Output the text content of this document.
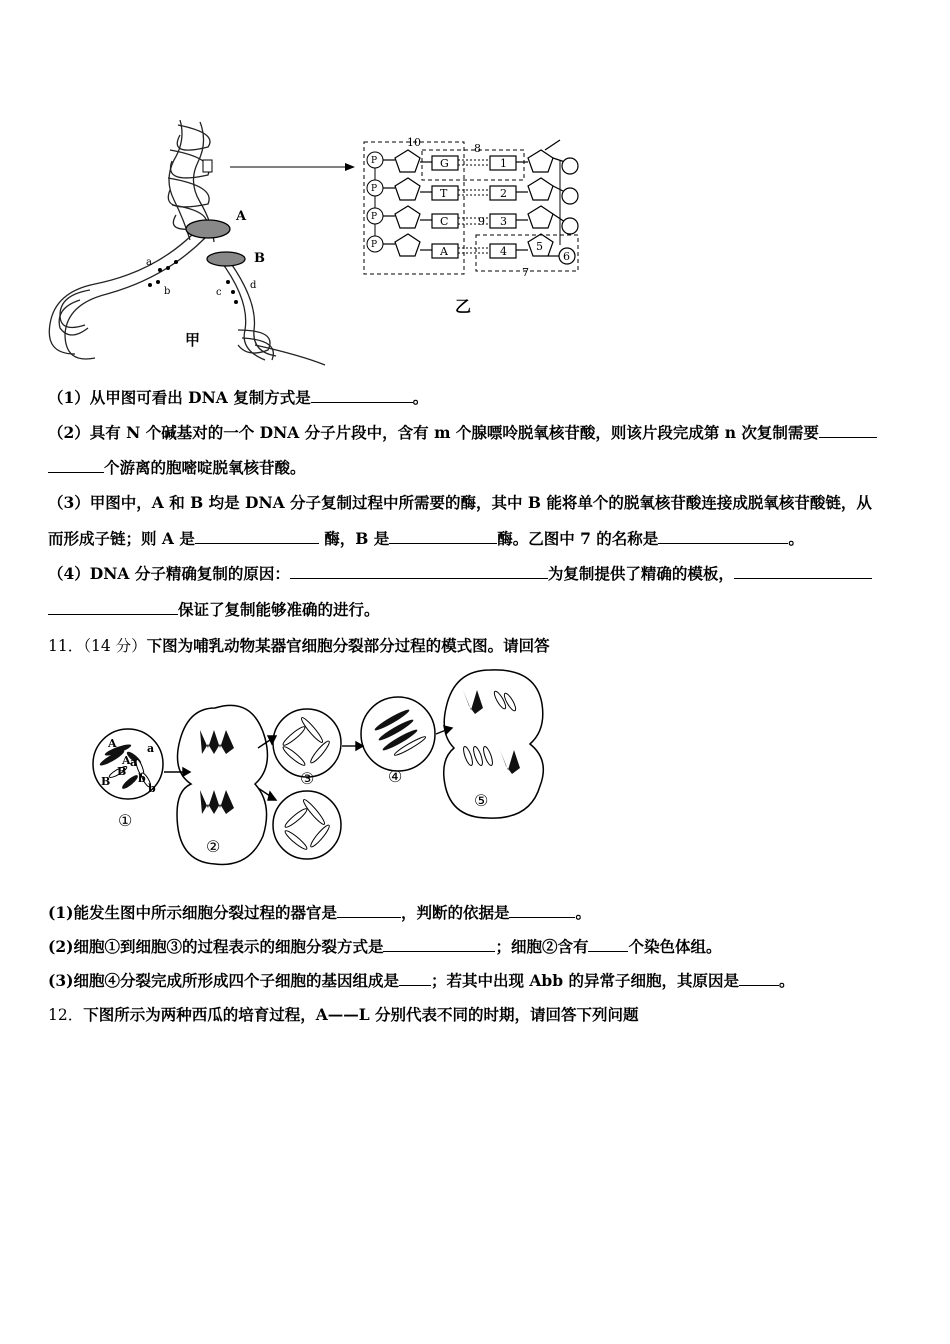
A
B
甲
乙
a
b	c
d
P
P
P
P
G
T
C
A
1
2
3
4	5
6
7
8
9
10
（1）从甲图可看出 DNA 复制方式是	。
（2）具有 N 个碱基对的一个 DNA 分子片段中，含有 m 个腺嘌呤脱氧核苷酸，则该片段完成第 n 次复制需要
个游离的胞嘧啶脱氧核苷酸。
（3）甲图中，A 和 B 均是 DNA 分子复制过程中所需要的酶，其中 B 能将单个的脱氧核苷酸连接成脱氧核苷酸链，从
而形成子链；则 A 是	酶，B 是	酶。乙图中 7 的名称是	。
（4）DNA 分子精确复制的原因：	为复制提供了精确的模板，
保证了复制能够准确的进行。
11．（14 分）下图为哺乳动物某器官细胞分裂部分过程的模式图。请回答
A
A a
a
B
B	b
b
①
②
③	④
⑤
(1)能发生图中所示细胞分裂过程的器官是	，判断的依据是	。
(2)细胞①到细胞③的过程表示的细胞分裂方式是	；细胞②含有	个染色体组。
(3)细胞④分裂完成所形成四个子细胞的基因组成是 ；若其中出现 Abb 的异常子细胞，其原因是	。
12．下图所示为两种西瓜的培育过程，A——L 分别代表不同的时期，请回答下列问题
